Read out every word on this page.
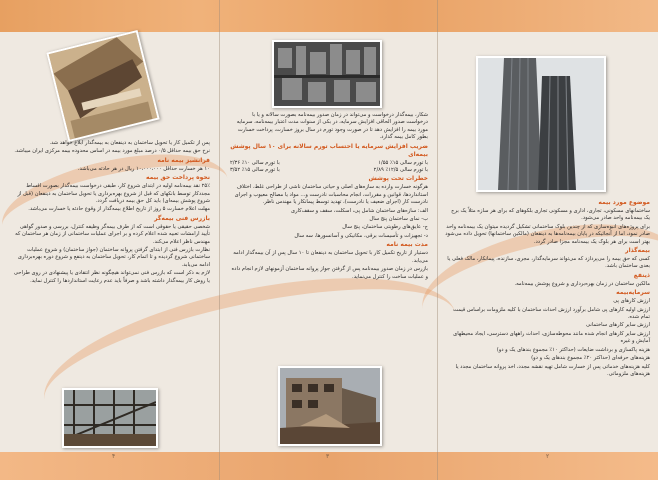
پس از تکمیل کار یا تحویل ساختمان به ذینفعان به بیمه‌گذار ابلاغ خواهد شد.

نرخ حق بیمه حداقل ۰/۵ درصد مبلغ مورد بیمه در اساس محدوده بیمه مرکزی ایران میباشد.

فرانشیز بیمه نامه

۱۰ هر خسارت حداقل ۱۰،۰۰۰،۰۰۰ ریال در هر حادثه می‌باشد.

نحوه پرداخت حق بیمه

۲۵٪ نقد بیمه‌نامه اولیه در ابتدای شروع کار، طبقی درخواست بیمه‌گذار بصورت اقساط مجددکار توسط بانکهای که قبل از شروع بهره‌برداری یا تحویل ساختمان به ذینفعان (قبل از شروع پوشش بیمه‌ای) باید کل حق بیمه دریافت گردد.

مهلت اعلام خسارت ۵ روز از تاریخ اطلاع بیمه‌گذار از وقوع حادثه یا خسارت می‌باشد.

بازرس فنی بیمه‌گر

شخصی حقیقی یا حقوقی است که از طرف بیمه‌گر وظیفه کنترل، بررسی و صدور گواهی تأیید ارامشات تعبیه شده اعلام کرده و بر اجرای عملیات ساختمانی از زمان هر ساختمان که مهندس ناظر اعلام می‌کند.

نظارت بازرس فنی از ابتدای گرفتن پروانه ساختمان (جواز ساختمان) و شروع عملیات ساختمانی شروع گردیده و تا اتمام کار، تحویل ساختمان به ذینفع و شروع دوره بهره‌برداری ادامه می‌یابد.

لازم به ذکر است که بازرس فنی نمی‌تواند هیچگونه نظر انتقادی یا پیشنهادی در روی طراحی یا روش کار بیمه‌گذار داشته باشد و صرفاً باید عدم رعایت استانداردها را کنترل نماید.

۴

شکار، بیمه‌گذار درخواست و می‌تواند در زمان صدور بیمه‌نامه بصورت سالانه و یا با درخواست صدور الحاقی افزایش سرمایه، در بکی از سنوات مدت اعتبار بیمه‌نامه، سرمایه مورد بیمه را افزایش دهد تا در صورت وجود تورم در سال بروز خسارت، پرداخت خسارت بطور کامل بیمه گذارد.

ضریب افزایش سرمایه یا احتساب تورم سالانه برای ۱۰ سال پوشش بیمه‌ای
با تورم سالی ۱۵٪ ۱/۵۵
با تورم سالی ۱۰٪ ۲/۳۶
با تورم سالی ۱۲/۵٪ ۲/۸۹
با تورم سالی ۱۵٪ ۳/۵۲
خطرات تحت پوشش

هرگونه خسارت وارده به سازه‌های اصلی و حیاتی ساختمان ناشی از طراحی غلط، اختلاف استانداردها، قوانین و مقررات، انجام محاسبات نادرست و... مواد یا مصالح معیوب و اجرای نادرست کار (اجرای ضعیف یا نادرست)، تهدید توسط پیمانکار یا مهندس ناظر.

الف: سازه‌های ساختمان شامل پی، اسکلت، سقف و سقف‌کاری

ب- نمای ساختمان پنج سال

ج- عایق‌های رطوبتی ساختمان، پنج سال

د- تجهیزات و تأسیسات برقی، مکانیکی و آسانسورها، سه سال

مدت بیمه نامه

دستیار از تاریخ تکمیل کار با تحویل ساختمان به ذینفعان تا ۱۰ سال پس از آن بیمه‌گذار ادامه می‌یابد.

بازرس در زمان صدور بیمه‌نامه پس از گرفتن جواز پروانه ساختمان آزمونهای لازم انجام داده و عملیات ساخت را کنترل می‌نماید.

۳
موضوع مورد بیمه

ساختمانهای مسکونی، تجاری، اداری و مسکونی تجاری بلکوهای که برای هر سازه مثلاً یک برج یک بیمه‌نامه واحد صادر می‌شود.

برای پروژه‌های انبوه‌سازی که از چندین بلوک ساختمانی تشکیل گردیده میتوان یک بیمه‌نامه واحد صادر نمود، اما از آنجائیکه در پایان بیمه‌نامه‌ها به ذینفعان (مالکین ساختمانها) تحویل داده می‌شود بهتر است برای هر بلوک یک بیمه‌نامه مجزا صادر گردد.

بیمه‌گذار

کسی که حق بیمه را می‌پردازد که می‌تواند سرمایه‌گذار، مجری، سازنده، پیمانکار، مالک فعلی یا بعدی ساختمان باشد.

ذینفع

مالکین ساختمان در زمان بهره‌برداری و شروع پوشش بیمه‌نامه.

سرمایه‌بیمه

ارزش کارهای پی

ارزش اولیه کارهای پی شامل برآورد ارزش احداث ساختمان با کلیه ملزومات براساس قیمت تمام شده.

ارزش سایر کارهای ساختمانی

ارزش سایر کارهای انجام شده مانند محوطه‌سازی، احداث راههای دسترسی، ایجاد محیطهای آمایش و غیره

هزینه پاکسازی و برداشت ضایعات (حداکثر ۱۰٪ مجموع بندهای یک و دو)

هزینه‌های حرفه‌ای (حداکثر ۲۰٪ مجموع بندهای یک و دو)

کلیه هزینه‌های خدماتی پس از خسارت شامل تهیه نقشه مجدد، اخذ پروانه ساختمان مجدد یا هزینه‌های ملزوماتی.

۲
